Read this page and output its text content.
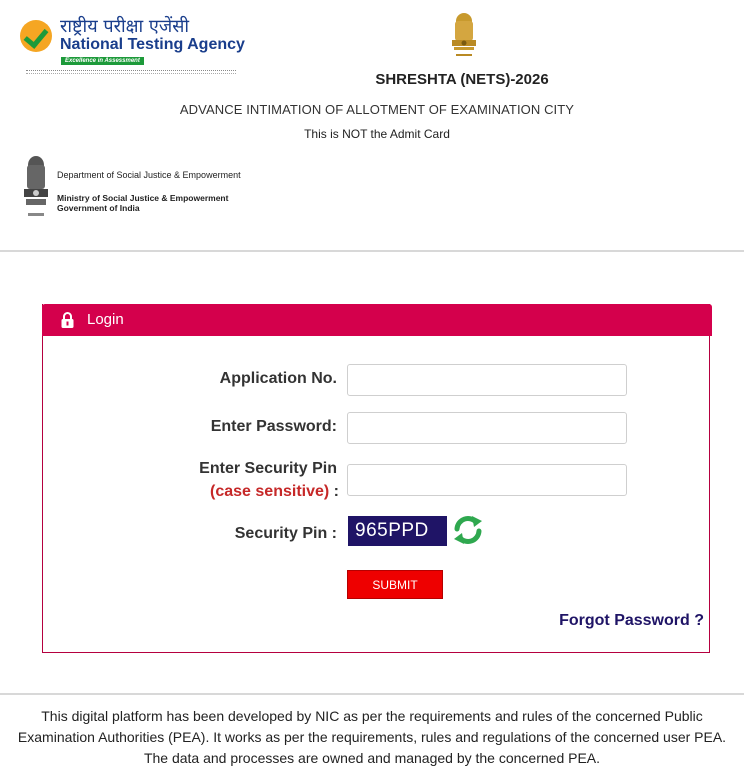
राष्ट्रीय परीक्षा एजेंसी
National Testing Agency
Excellence in Assessment
SHRESHTA (NETS)-2026
ADVANCE INTIMATION OF ALLOTMENT OF EXAMINATION CITY
This is NOT the Admit Card
Department of Social Justice & Empowerment
Ministry of Social Justice & Empowerment
Government of India
Login
Application No.
Enter Password:
Enter Security Pin
(case sensitive) :
Security Pin : 965PPD
SUBMIT
Forgot Password ?
This digital platform has been developed by NIC as per the requirements and rules of the concerned Public
Examination Authorities (PEA). It works as per the requirements, rules and regulations of the concerned user PEA.
The data and processes are owned and managed by the concerned PEA.
